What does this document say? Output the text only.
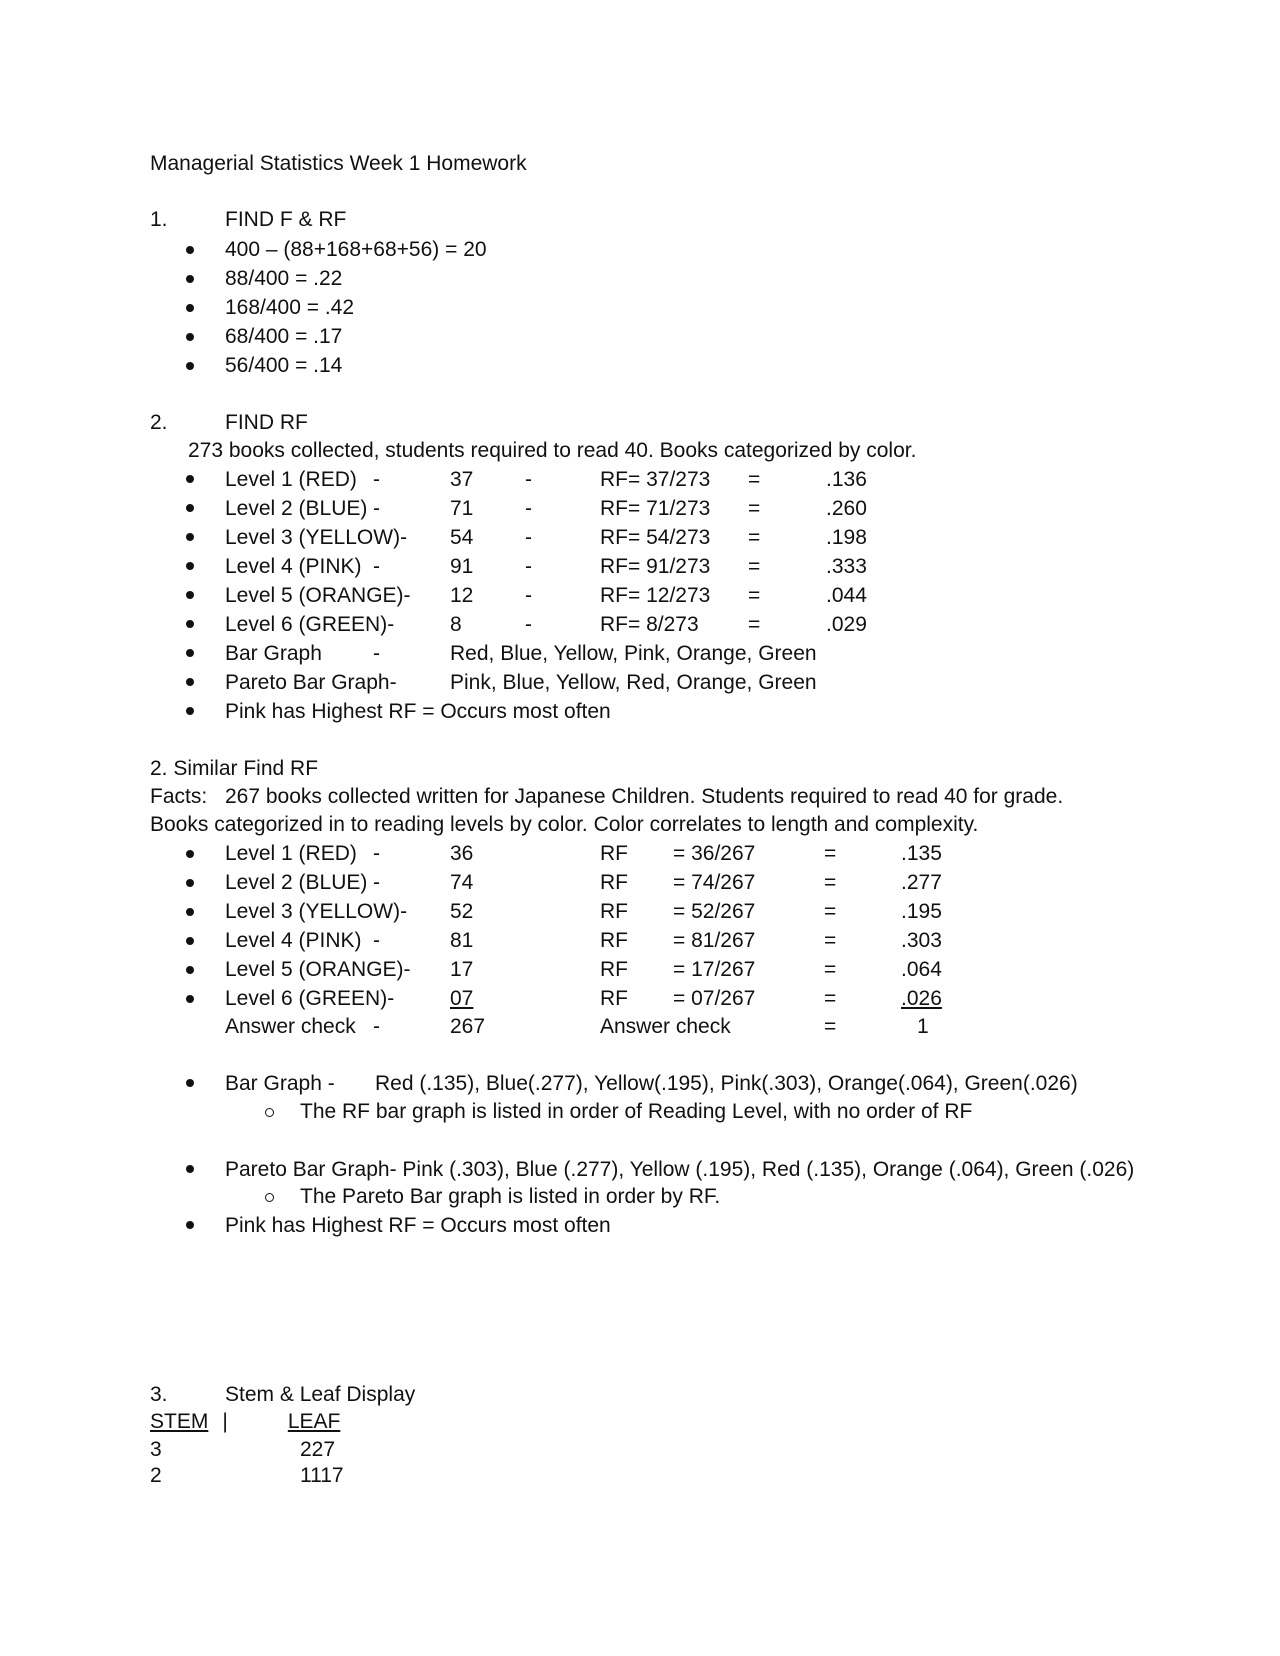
Managerial Statistics Week 1 Homework
1.	FIND F & RF
400 – (88+168+68+56) = 20
88/400 = .22
168/400 = .42
68/400 = .17
56/400 = .14
2.	FIND RF
273 books collected, students required to read 40. Books categorized by color.
Level 1 (RED) -	37 -	RF= 37/273 =	.136
Level 2 (BLUE) -	71 -	RF= 71/273 =	.260
Level 3 (YELLOW)- 54 -	RF= 54/273 =	.198
Level 4 (PINK) -	91 -	RF= 91/273 =	.333
Level 5 (ORANGE)- 12 -	RF= 12/273 =	.044
Level 6 (GREEN)-	8	-	RF= 8/273 =	.029
Bar Graph -	Red, Blue, Yellow, Pink, Orange, Green
Pareto Bar Graph-	Pink, Blue, Yellow, Red, Orange, Green
Pink has Highest RF = Occurs most often
2. Similar Find RF
Facts: 267 books collected written for Japanese Children. Students required to read 40 for grade.
Books categorized in to reading levels by color. Color correlates to length and complexity.
Level 1 (RED) -	36	RF = 36/267	=	.135
Level 2 (BLUE) -	74	RF = 74/267	=	.277
Level 3 (YELLOW)- 52	RF = 52/267	=	.195
Level 4 (PINK) -	81	RF = 81/267	=	.303
Level 5 (ORANGE)- 17	RF = 17/267	=	.064
Level 6 (GREEN)-	07	RF = 07/267	=	.026
Answer check -	267	Answer check	=	1
Bar Graph - Red (.135), Blue(.277), Yellow(.195), Pink(.303), Orange(.064), Green(.026)
The RF bar graph is listed in order of Reading Level, with no order of RF
Pareto Bar Graph- Pink (.303), Blue (.277), Yellow (.195), Red (.135), Orange (.064), Green (.026)
The Pareto Bar graph is listed in order by RF.
Pink has Highest RF = Occurs most often
3.	Stem & Leaf Display
STEM |	LEAF
3	227
2	1117
